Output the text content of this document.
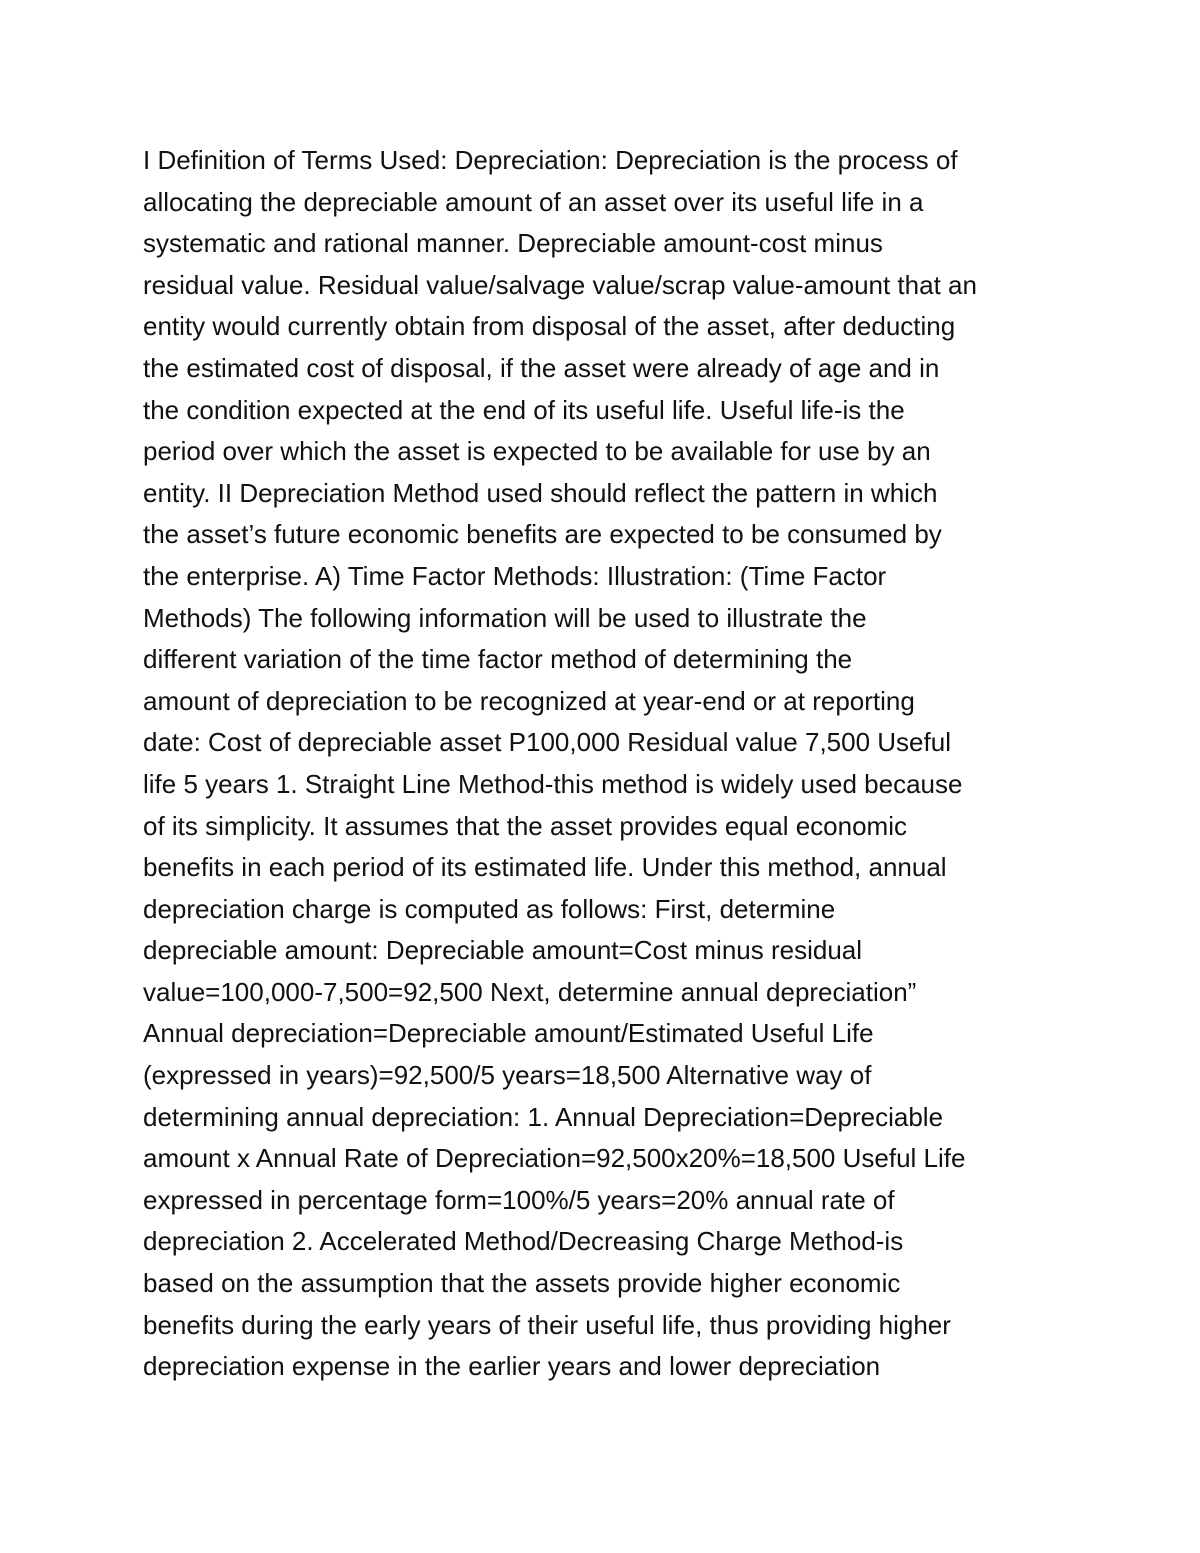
I Definition of Terms Used: Depreciation: Depreciation is the process of
allocating the depreciable amount of an asset over its useful life in a
systematic and rational manner. Depreciable amount-cost minus
residual value. Residual value/salvage value/scrap value-amount that an
entity would currently obtain from disposal of the asset, after deducting
the estimated cost of disposal, if the asset were already of age and in
the condition expected at the end of its useful life. Useful life-is the
period over which the asset is expected to be available for use by an
entity. II Depreciation Method used should reflect the pattern in which
the asset’s future economic benefits are expected to be consumed by
the enterprise. A) Time Factor Methods: Illustration: (Time Factor
Methods) The following information will be used to illustrate the
different variation of the time factor method of determining the
amount of depreciation to be recognized at year-end or at reporting
date: Cost of depreciable asset P100,000 Residual value 7,500 Useful
life 5 years 1. Straight Line Method-this method is widely used because
of its simplicity. It assumes that the asset provides equal economic
benefits in each period of its estimated life. Under this method, annual
depreciation charge is computed as follows: First, determine
depreciable amount: Depreciable amount=Cost minus residual
value=100,000-7,500=92,500 Next, determine annual depreciation”
Annual depreciation=Depreciable amount/Estimated Useful Life
(expressed in years)=92,500/5 years=18,500 Alternative way of
determining annual depreciation: 1. Annual Depreciation=Depreciable
amount x Annual Rate of Depreciation=92,500x20%=18,500 Useful Life
expressed in percentage form=100%/5 years=20% annual rate of
depreciation 2. Accelerated Method/Decreasing Charge Method-is
based on the assumption that the assets provide higher economic
benefits during the early years of their useful life, thus providing higher
depreciation expense in the earlier years and lower depreciation
